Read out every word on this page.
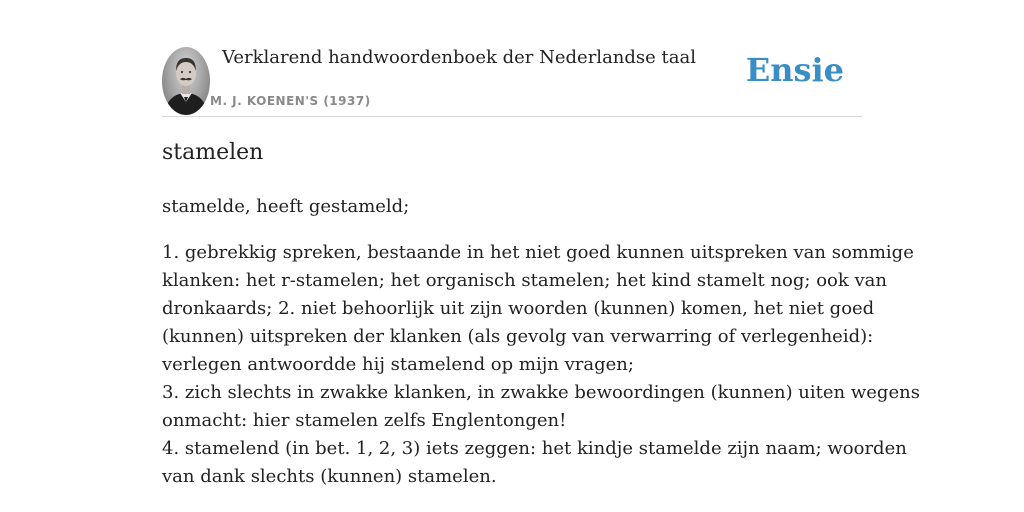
Verklarend handwoordenboek der Nederlandse taal
M. J. KOENEN'S (1937)
Ensie
stamelen

stamelde, heeft gestameld;

1. gebrekkig spreken, bestaande in het niet goed kunnen uitspreken van sommige
klanken: het r-stamelen; het organisch stamelen; het kind stamelt nog; ook van
dronkaards; 2. niet behoorlijk uit zijn woorden (kunnen) komen, het niet goed
(kunnen) uitspreken der klanken (als gevolg van verwarring of verlegenheid):
verlegen antwoordde hij stamelend op mijn vragen;
3. zich slechts in zwakke klanken, in zwakke bewoordingen (kunnen) uiten wegens
onmacht: hier stamelen zelfs Englentongen!
4. stamelend (in bet. 1, 2, 3) iets zeggen: het kindje stamelde zijn naam; woorden
van dank slechts (kunnen) stamelen.
